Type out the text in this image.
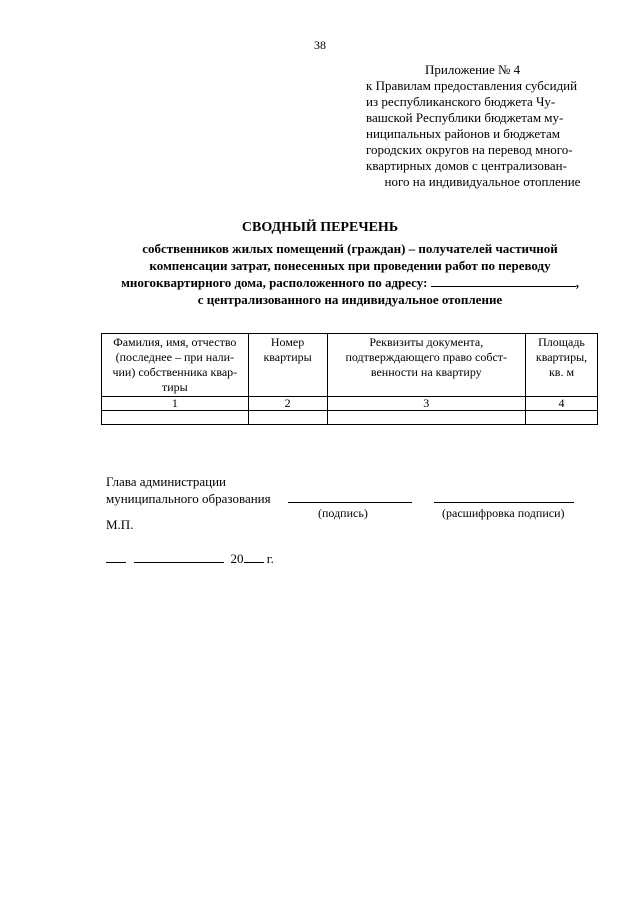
38
Приложение № 4
к Правилам предоставления субсидий
из республиканского бюджета Чу-
вашской Республики бюджетам му-
ниципальных районов и бюджетам
городских округов на перевод много-
квартирных домов с централизован-
ного на индивидуальное отопление
СВОДНЫЙ ПЕРЕЧЕНЬ
собственников жилых помещений (граждан) – получателей частичной
компенсации затрат, понесенных при проведении работ по переводу
многоквартирного дома, расположенного по адресу:	,
с централизованного на индивидуальное отопление
Фамилия, имя, отчество (последнее – при нали-чии) собственника квар-тиры	Номер квартиры	Реквизиты документа, подтверждающего право собст-венности на квартиру	Площадь квартиры, кв. м
1	2	3	4

Глава администрации
муниципального образования
(подпись)	(расшифровка подписи)
М.П.
20 г.
